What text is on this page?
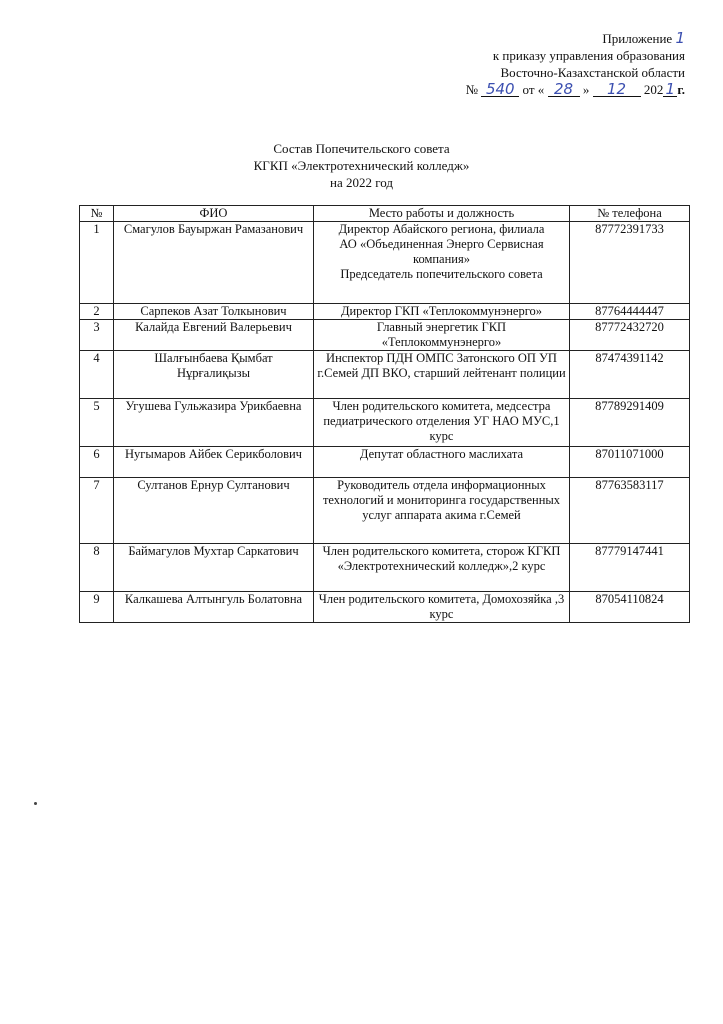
Приложение 1
к приказу управления образования
Восточно-Казахстанской области
№ 540 от « 28 » 12 202 1 г.
Состав Попечительского совета
КГКП «Электротехнический колледж»
на 2022 год
№	ФИО	Место работы и должность	№ телефона
1	Смагулов Бауыржан Рамазанович	Директор Абайского региона, филиала
АО «Объединенная Энерго Сервисная компания»
Председатель попечительского совета	87772391733
2	Сарпеков Азат Толкынович	Директор ГКП «Теплокоммунэнерго»	87764444447
3	Калайда Евгений Валерьевич	Главный энергетик ГКП «Теплокоммунэнерго»	87772432720
4	Шалғынбаева Қымбат Нұрғалиқызы	Инспектор ПДН ОМПС Затонского ОП УП г.Семей ДП ВКО, старший лейтенант полиции	87474391142
5	Угушева Гульжазира Урикбаевна	Член родительского комитета, медсестра педиатрического отделения УГ НАО МУС,1 курс	87789291409
6	Нугымаров Айбек Серикболович	Депутат областного маслихата	87011071000
7	Султанов Ернур Султанович	Руководитель отдела информационных технологий и мониторинга государственных услуг аппарата акима г.Семей	87763583117
8	Баймагулов Мухтар Саркатович	Член родительского комитета, сторож КГКП «Электротехнический колледж»,2 курс	87779147441
9	Калкашева Алтынгуль Болатовна	Член родительского комитета, Домохозяйка ,3 курс	87054110824
